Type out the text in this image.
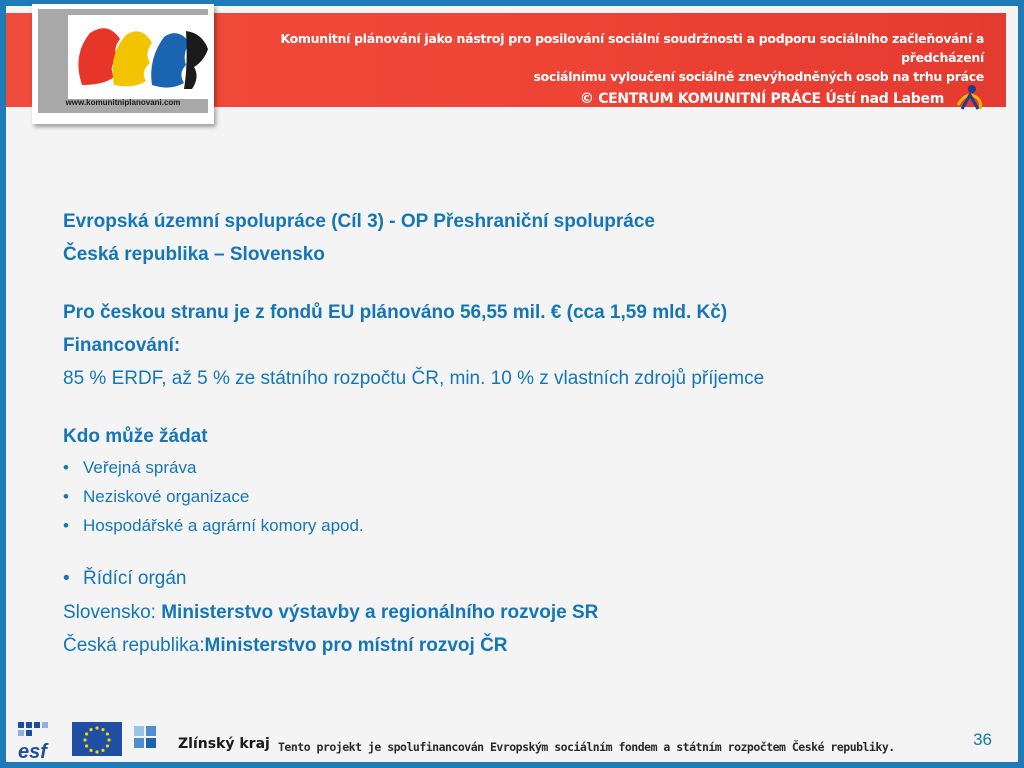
Komunitní plánování jako nástroj pro posilování sociální soudržnosti a podporu sociálního začleňování a předcházení
sociálnímu vyloučení sociálně znevýhodněných osob na trhu práce
© CENTRUM KOMUNITNÍ PRÁCE Ústí nad Labem
www.komunitniplanovani.com
Evropská územní spolupráce (Cíl 3) - OP Přeshraniční spolupráce
Česká republika – Slovensko
Pro českou stranu je z fondů EU plánováno 56,55 mil. € (cca 1,59 mld. Kč)
Financování:
85 % ERDF, až 5 % ze státního rozpočtu ČR, min. 10 % z vlastních zdrojů příjemce
Kdo může žádat
• Veřejná správa
• Neziskové organizace
• Hospodářské a agrární komory apod.
• Řídící orgán
Slovensko: Ministerstvo výstavby a regionálního rozvoje SR
Česká republika:Ministerstvo pro místní rozvoj ČR
esf	Zlínský kraj Tento projekt je spolufinancován Evropským sociálním fondem a státním rozpočtem České republiky.	36
